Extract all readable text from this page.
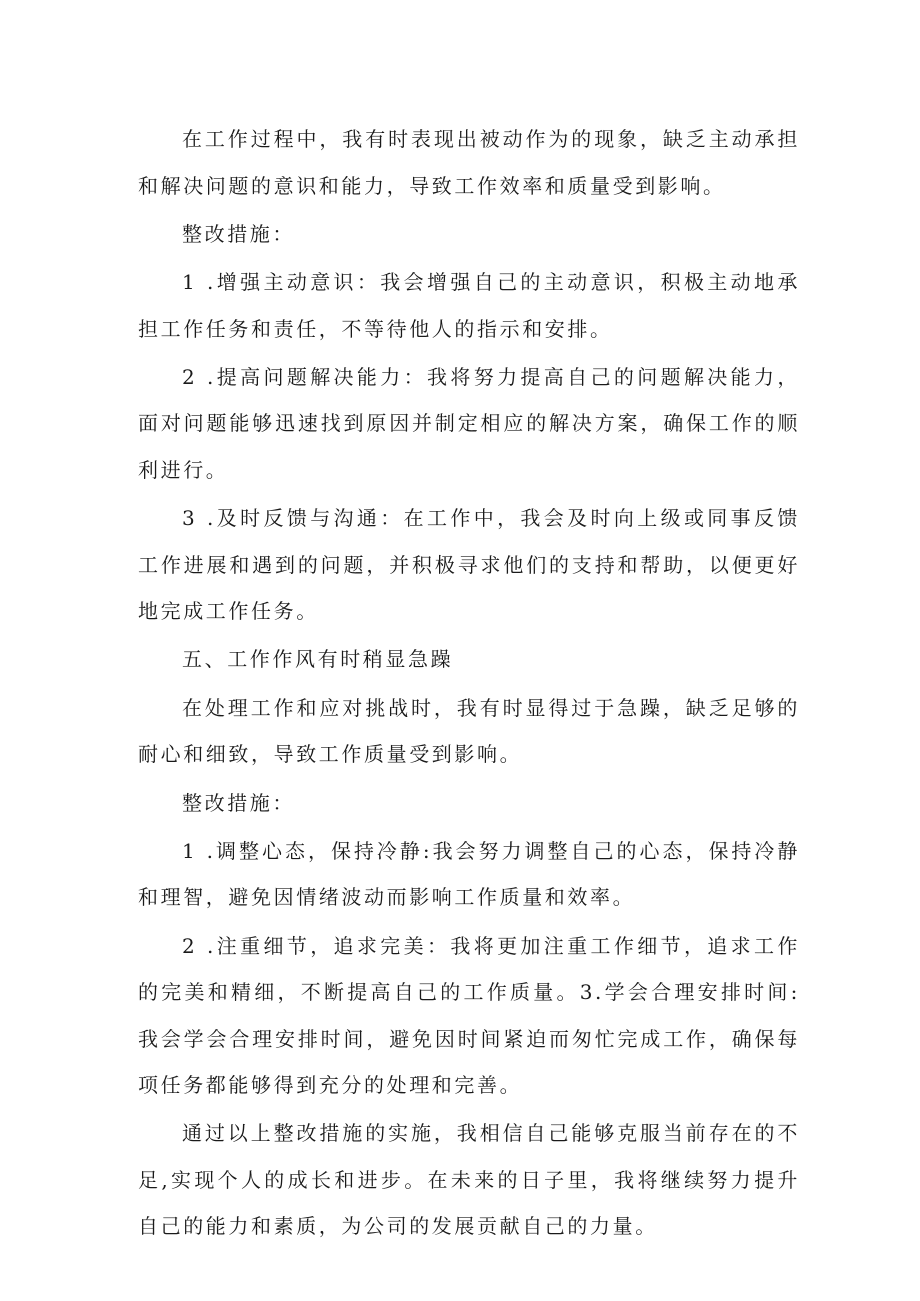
在工作过程中，我有时表现出被动作为的现象，缺乏主动承担和解决问题的意识和能力，导致工作效率和质量受到影响。

整改措施：

1 .增强主动意识：我会增强自己的主动意识，积极主动地承担工作任务和责任，不等待他人的指示和安排。

2 .提高问题解决能力：我将努力提高自己的问题解决能力，面对问题能够迅速找到原因并制定相应的解决方案，确保工作的顺利进行。

3 .及时反馈与沟通：在工作中，我会及时向上级或同事反馈工作进展和遇到的问题，并积极寻求他们的支持和帮助，以便更好地完成工作任务。

五、工作作风有时稍显急躁

在处理工作和应对挑战时，我有时显得过于急躁，缺乏足够的耐心和细致，导致工作质量受到影响。

整改措施：

1 .调整心态，保持冷静:我会努力调整自己的心态，保持冷静和理智，避免因情绪波动而影响工作质量和效率。

2 .注重细节，追求完美：我将更加注重工作细节，追求工作的完美和精细，不断提高自己的工作质量。3.学会合理安排时间:我会学会合理安排时间，避免因时间紧迫而匆忙完成工作，确保每项任务都能够得到充分的处理和完善。

通过以上整改措施的实施，我相信自己能够克服当前存在的不足,实现个人的成长和进步。在未来的日子里，我将继续努力提升自己的能力和素质，为公司的发展贡献自己的力量。
